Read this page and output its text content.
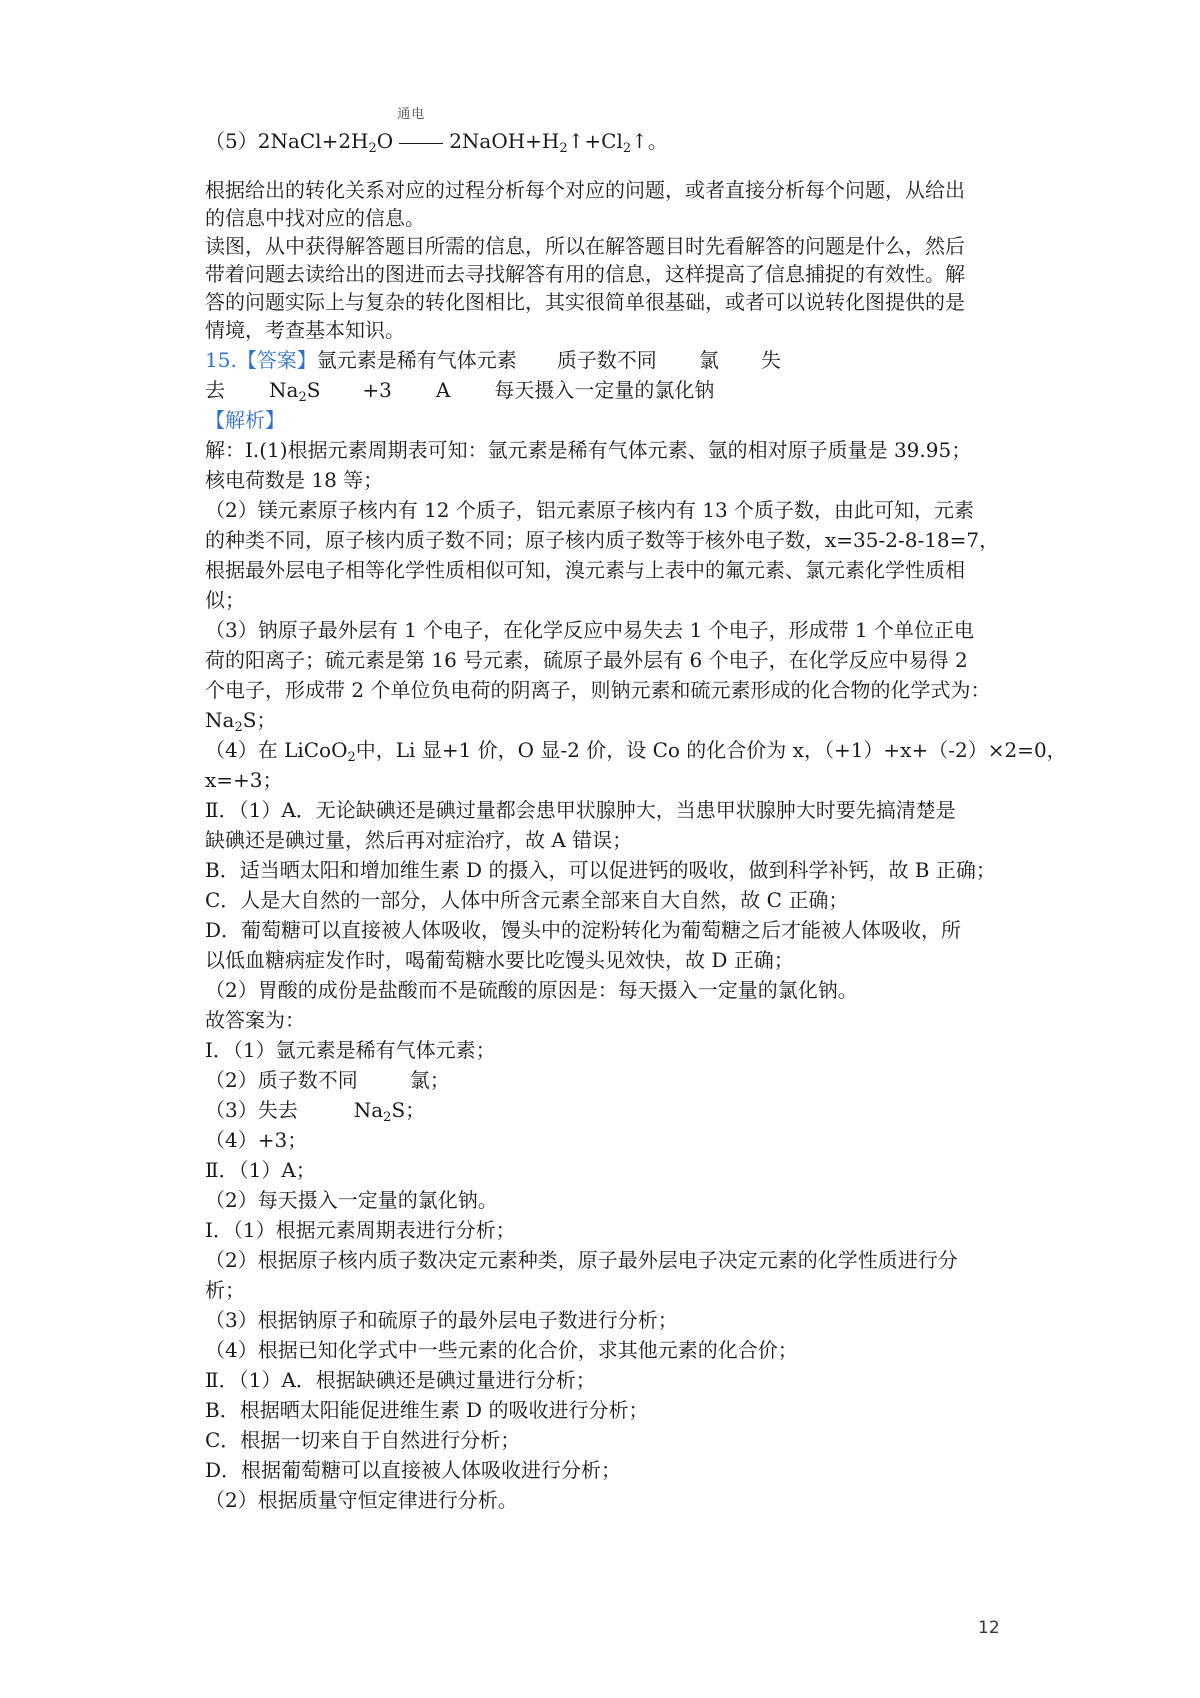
$(5)2NaCl+2H_2O$
通电
$2NaOH+H_2↑+Cl_2↑$。
根据给出的转化关系对应的过程分析每个对应的问题，或者直接分析每个问题，从给出
的信息中找对应的信息。
读图，从中获得解答题目所需的信息，所以在解答题目时先看解答的问题是什么，然后
带着问题去读给出的图进而去寻找解答有用的信息，这样提高了信息捕捉的有效性。解
答的问题实际上与复杂的转化图相比，其实很简单很基础，或者可以说转化图提供的是
情境，考查基本知识。
15.【答案】氩元素是稀有气体元素 质子数不同 氯 失
去 $Na_2S +3$ A 每天摄入一定量的氯化钠
【解析】
解：Ⅰ.(1)根据元素周期表可知：氩元素是稀有气体元素、氩的相对原子质量是 39.95；
核电荷数是 18 等；
（2）镁元素原子核内有 12 个质子，铝元素原子核内有 13 个质子数，由此可知，元素
的种类不同，原子核内质子数不同；原子核内质子数等于核外电子数，x=35-2-8-18=7，
根据最外层电子相等化学性质相似可知，溴元素与上表中的氟元素、氯元素化学性质相
似；
（3）钠原子最外层有 1 个电子，在化学反应中易失去 1 个电子，形成带 1 个单位正电
荷的阳离子；硫元素是第 16 号元素，硫原子最外层有 6 个电子，在化学反应中易得 2
个电子，形成带 2 个单位负电荷的阴离子，则钠元素和硫元素形成的化合物的化学式为：
$Na_2S$；
（4）在 LiCoO$_2$中，Li 显+1 价，O 显-2 价，设 Co 的化合价为 x，（+1）+x+（-2）×2=0，
x=+3；
Ⅱ．（1）A．无论缺碘还是碘过量都会患甲状腺肿大，当患甲状腺肿大时要先搞清楚是
缺碘还是碘过量，然后再对症治疗，故 A 错误；
B．适当晒太阳和增加维生素 D 的摄入，可以促进钙的吸收，做到科学补钙，故 B 正确；
C．人是大自然的一部分，人体中所含元素全部来自大自然，故 C 正确；
D．葡萄糖可以直接被人体吸收，馒头中的淀粉转化为葡萄糖之后才能被人体吸收，所
以低血糖病症发作时，喝葡萄糖水要比吃馒头见效快，故 D 正确；
（2）胃酸的成份是盐酸而不是硫酸的原因是：每天摄入一定量的氯化钠。
故答案为：
Ⅰ．（1）氩元素是稀有气体元素；
（2）质子数不同	氯；
（3）失去	$Na_2S$；
（4）+3；
Ⅱ．（1）A；
（2）每天摄入一定量的氯化钠。
Ⅰ．（1）根据元素周期表进行分析；
（2）根据原子核内质子数决定元素种类，原子最外层电子决定元素的化学性质进行分
析；
（3）根据钠原子和硫原子的最外层电子数进行分析；
（4）根据已知化学式中一些元素的化合价，求其他元素的化合价；
Ⅱ．（1）A．根据缺碘还是碘过量进行分析；
B．根据晒太阳能促进维生素 D 的吸收进行分析；
C．根据一切来自于自然进行分析；
D．根据葡萄糖可以直接被人体吸收进行分析；
（2）根据质量守恒定律进行分析。
12
